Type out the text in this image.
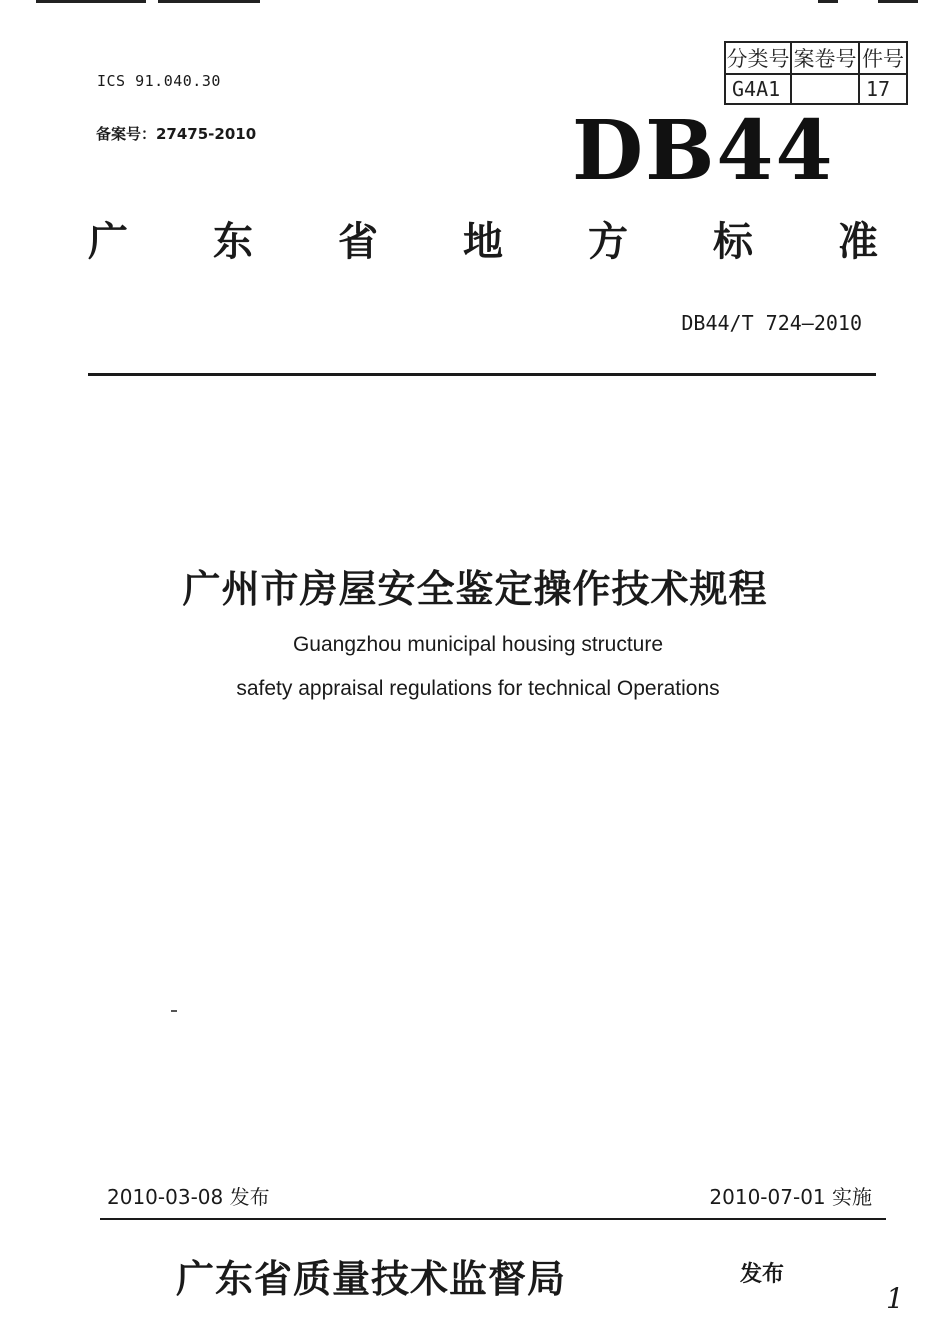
ICS 91.040.30
备案号：27475-2010
分类号	案卷号	件号
G4A1		17
DB44
广 东 省 地 方 标 准
DB44/T 724—2010
广州市房屋安全鉴定操作技术规程
Guangzhou municipal housing structure
safety appraisal regulations for technical Operations
2010-03-08 发布	2010-07-01 实施
广东省质量技术监督局	发布
1
